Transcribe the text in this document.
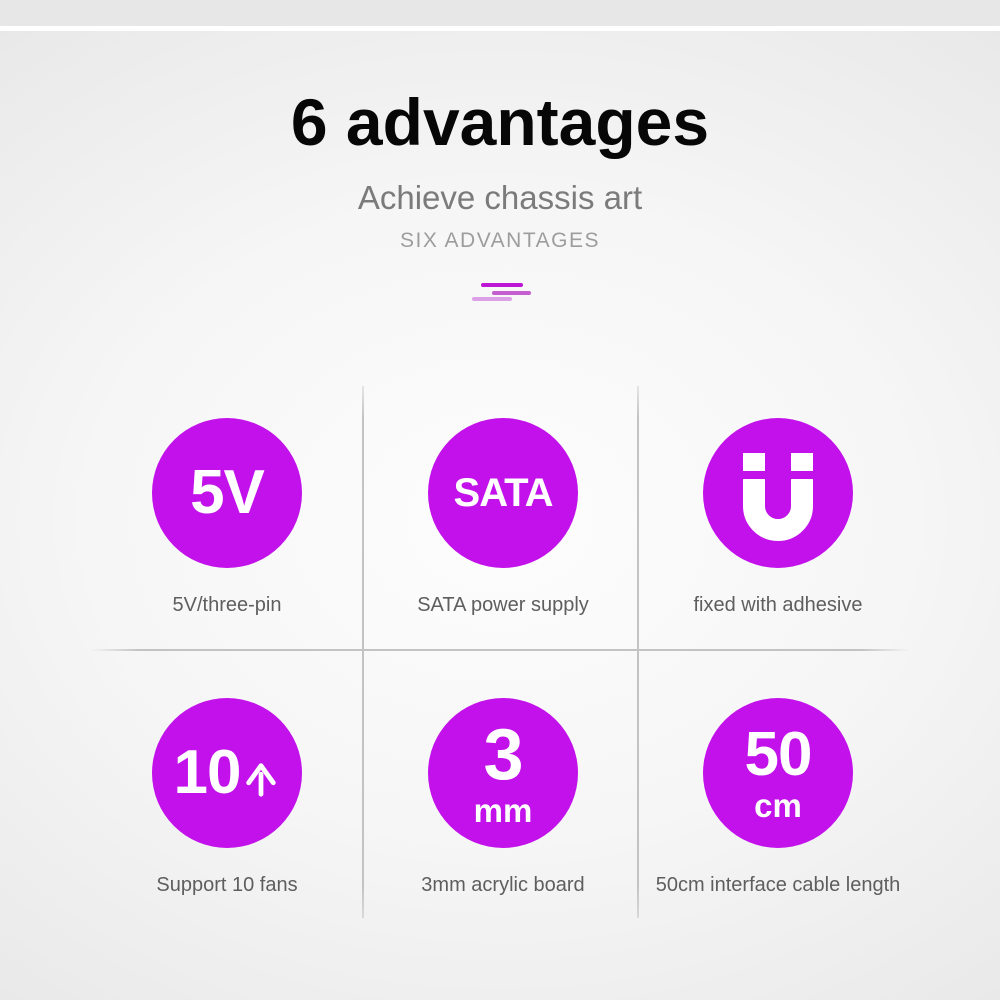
6 advantages
Achieve chassis art
SIX ADVANTAGES
5V
5V/three-pin
SATA
SATA power supply	fixed with adhesive
10
Support 10 fans
3
mm
3mm acrylic board
50
cm
50cm interface cable length
